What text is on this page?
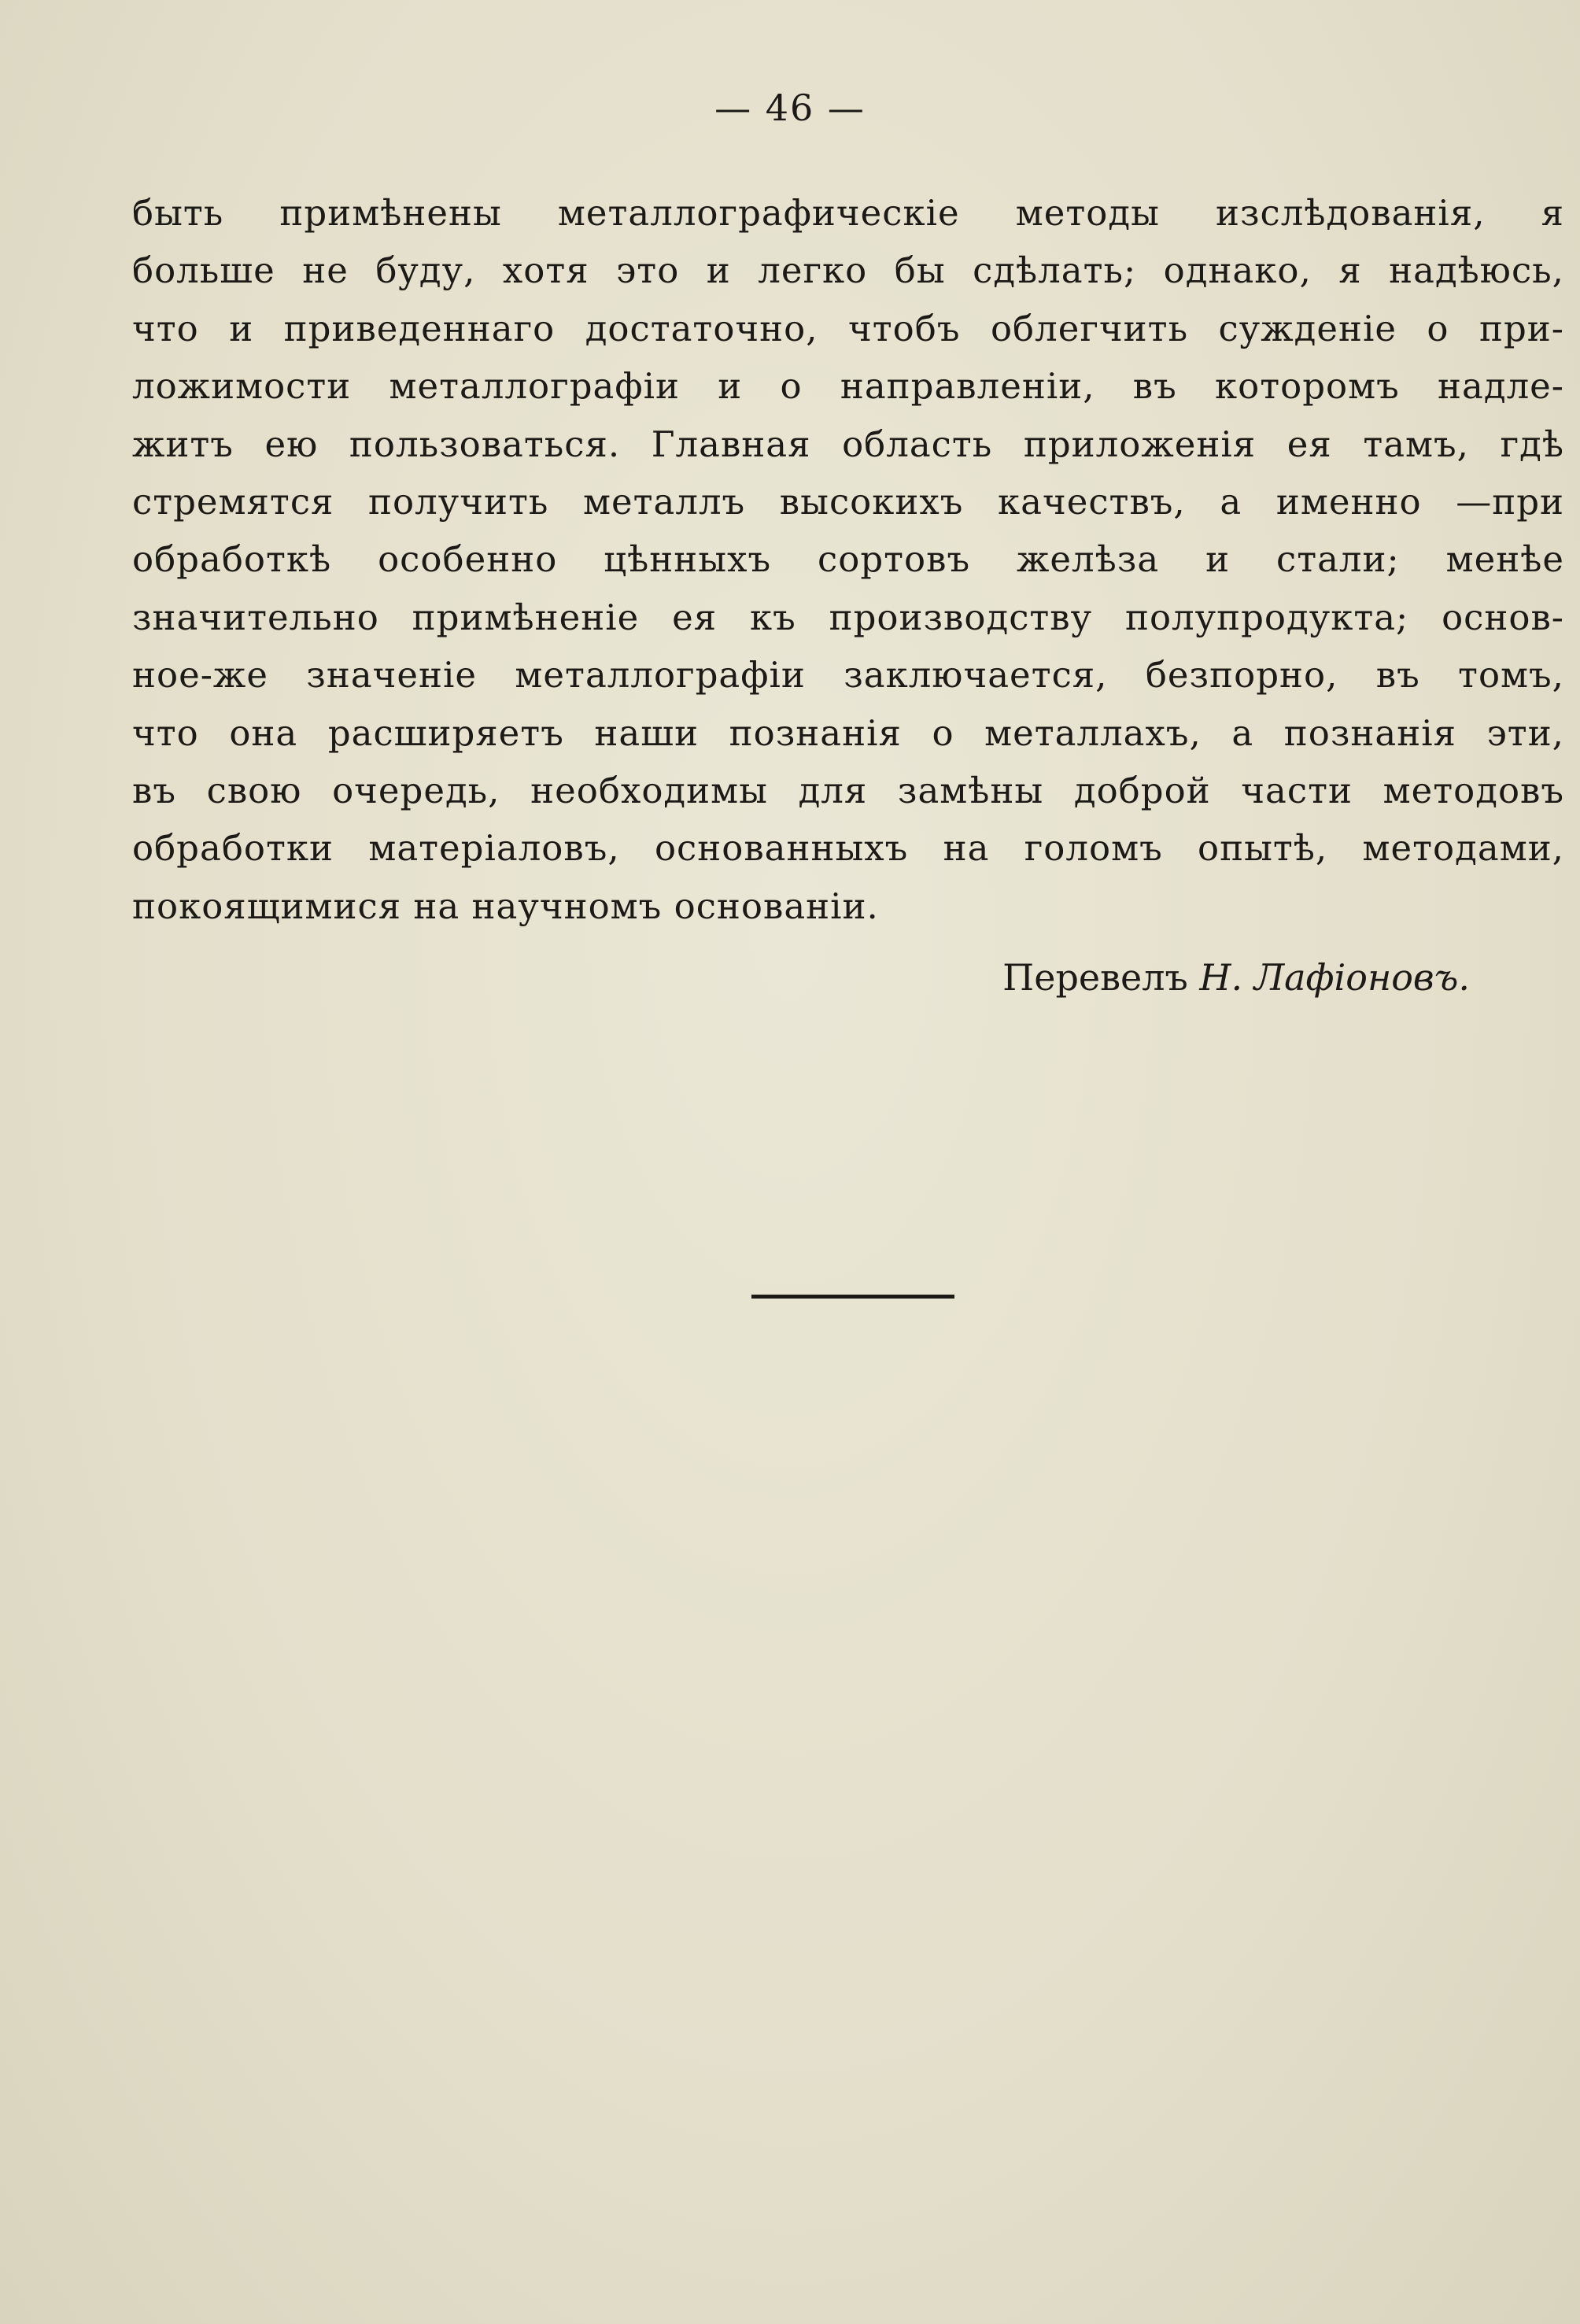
— 46 —
быть примѣнены металлографическіе методы изслѣдованія, я
больше не буду, хотя это и легко бы сдѣлать; однако, я надѣюсь,
что и приведеннаго достаточно, чтобъ облегчить сужденіе о при-
ложимости металлографіи и о направленіи, въ которомъ надле-
житъ ею пользоваться. Главная область приложенія ея тамъ, гдѣ
стремятся получить металлъ высокихъ качествъ, а именно —при
обработкѣ особенно цѣнныхъ сортовъ желѣза и стали; менѣе
значительно примѣненіе ея къ производству полупродукта; основ-
ное-же значеніе металлографіи заключается, безпорно, въ томъ,
что она расширяетъ наши познанія о металлахъ, а познанія эти,
въ свою очередь, необходимы для замѣны доброй части методовъ
обработки матеріаловъ, основанныхъ на голомъ опытѣ, методами,
покоящимися на научномъ основаніи.
Перевелъ Н. Лафіоновъ.
